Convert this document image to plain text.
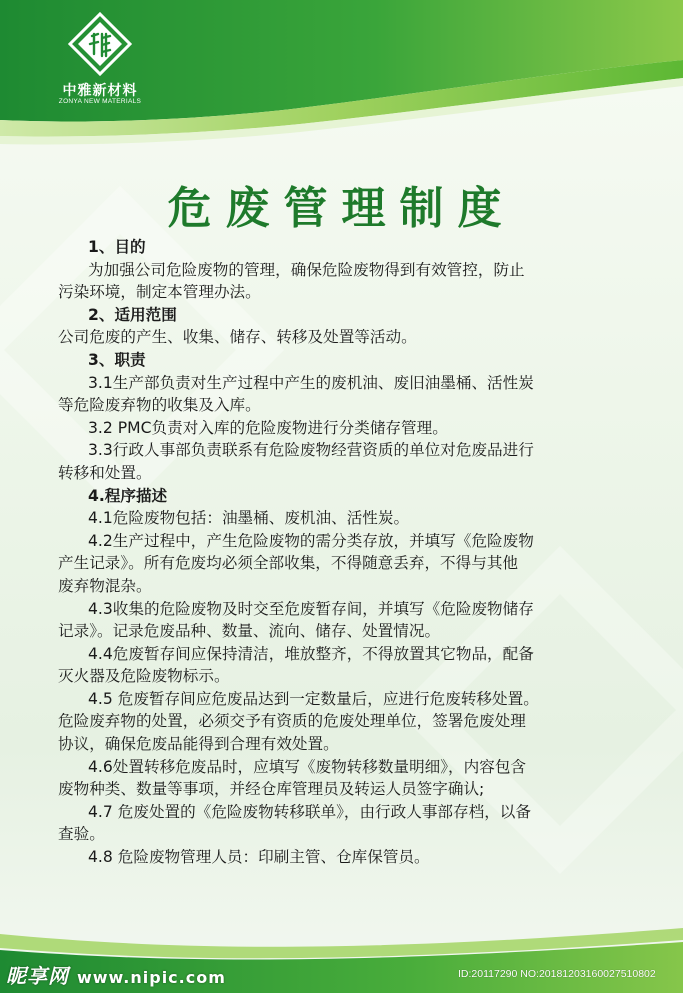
中雅新材料
ZONYA NEW MATERIALS
危废管理制度
1、目的
为加强公司危险废物的管理，确保危险废物得到有效管控，防止
污染环境，制定本管理办法。
2、适用范围
公司危废的产生、收集、储存、转移及处置等活动。
3、职责
3.1生产部负责对生产过程中产生的废机油、废旧油墨桶、活性炭
等危险废弃物的收集及入库。
3.2 PMC负责对入库的危险废物进行分类储存管理。
3.3行政人事部负责联系有危险废物经营资质的单位对危废品进行
转移和处置。
4.程序描述
4.1危险废物包括：油墨桶、废机油、活性炭。
4.2生产过程中，产生危险废物的需分类存放，并填写《危险废物
产生记录》。所有危废均必须全部收集，不得随意丢弃，不得与其他
废弃物混杂。
4.3收集的危险废物及时交至危废暂存间，并填写《危险废物储存
记录》。记录危废品种、数量、流向、储存、处置情况。
4.4危废暂存间应保持清洁，堆放整齐，不得放置其它物品，配备
灭火器及危险废物标示。
4.5 危废暂存间应危废品达到一定数量后，应进行危废转移处置。
危险废弃物的处置，必须交予有资质的危废处理单位，签署危废处理
协议，确保危废品能得到合理有效处置。
4.6处置转移危废品时，应填写《废物转移数量明细》，内容包含
废物种类、数量等事项，并经仓库管理员及转运人员签字确认;
4.7 危废处置的《危险废物转移联单》，由行政人事部存档，以备
查验。
4.8 危险废物管理人员：印刷主管、仓库保管员。
昵享网 www.nipic.com	ID:20117290 NO:20181203160027510802
